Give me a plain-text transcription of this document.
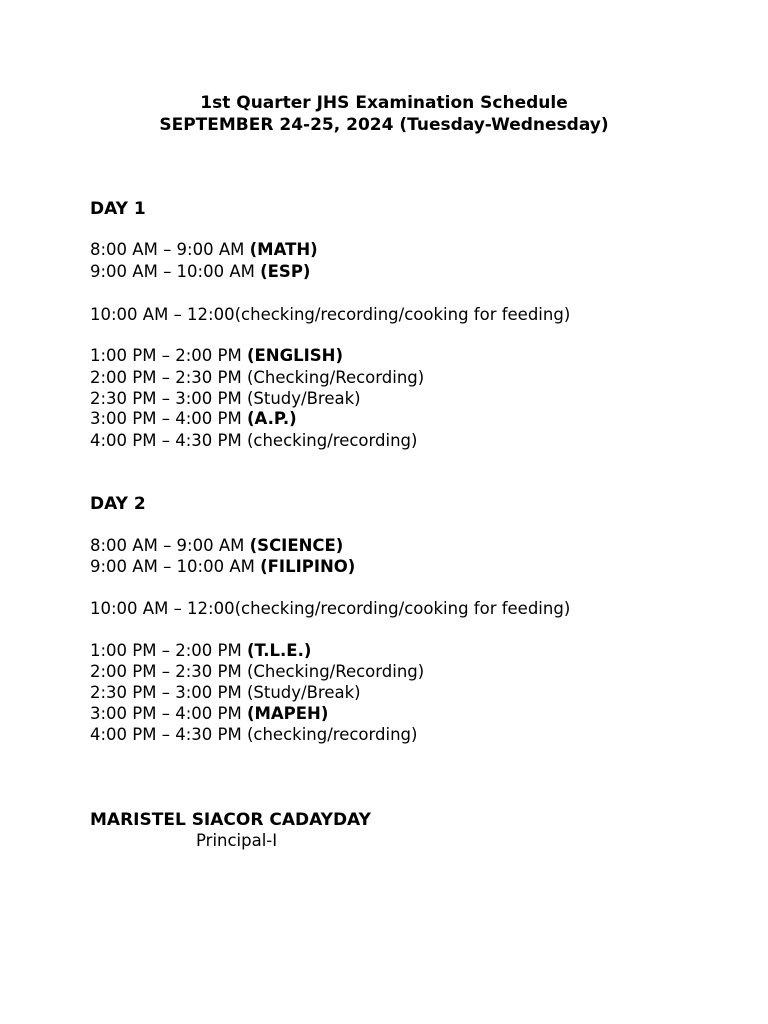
1st Quarter JHS Examination Schedule
SEPTEMBER 24-25, 2024 (Tuesday-Wednesday)
DAY 1
8:00 AM – 9:00 AM (MATH)
9:00 AM – 10:00 AM (ESP)
10:00 AM – 12:00(checking/recording/cooking for feeding)
1:00 PM – 2:00 PM (ENGLISH)
2:00 PM – 2:30 PM (Checking/Recording)
2:30 PM – 3:00 PM (Study/Break)
3:00 PM – 4:00 PM (A.P.)
4:00 PM – 4:30 PM (checking/recording)
DAY 2
8:00 AM – 9:00 AM (SCIENCE)
9:00 AM – 10:00 AM (FILIPINO)
10:00 AM – 12:00(checking/recording/cooking for feeding)
1:00 PM – 2:00 PM (T.L.E.)
2:00 PM – 2:30 PM (Checking/Recording)
2:30 PM – 3:00 PM (Study/Break)
3:00 PM – 4:00 PM (MAPEH)
4:00 PM – 4:30 PM (checking/recording)
MARISTEL SIACOR CADAYDAY
Principal-I
